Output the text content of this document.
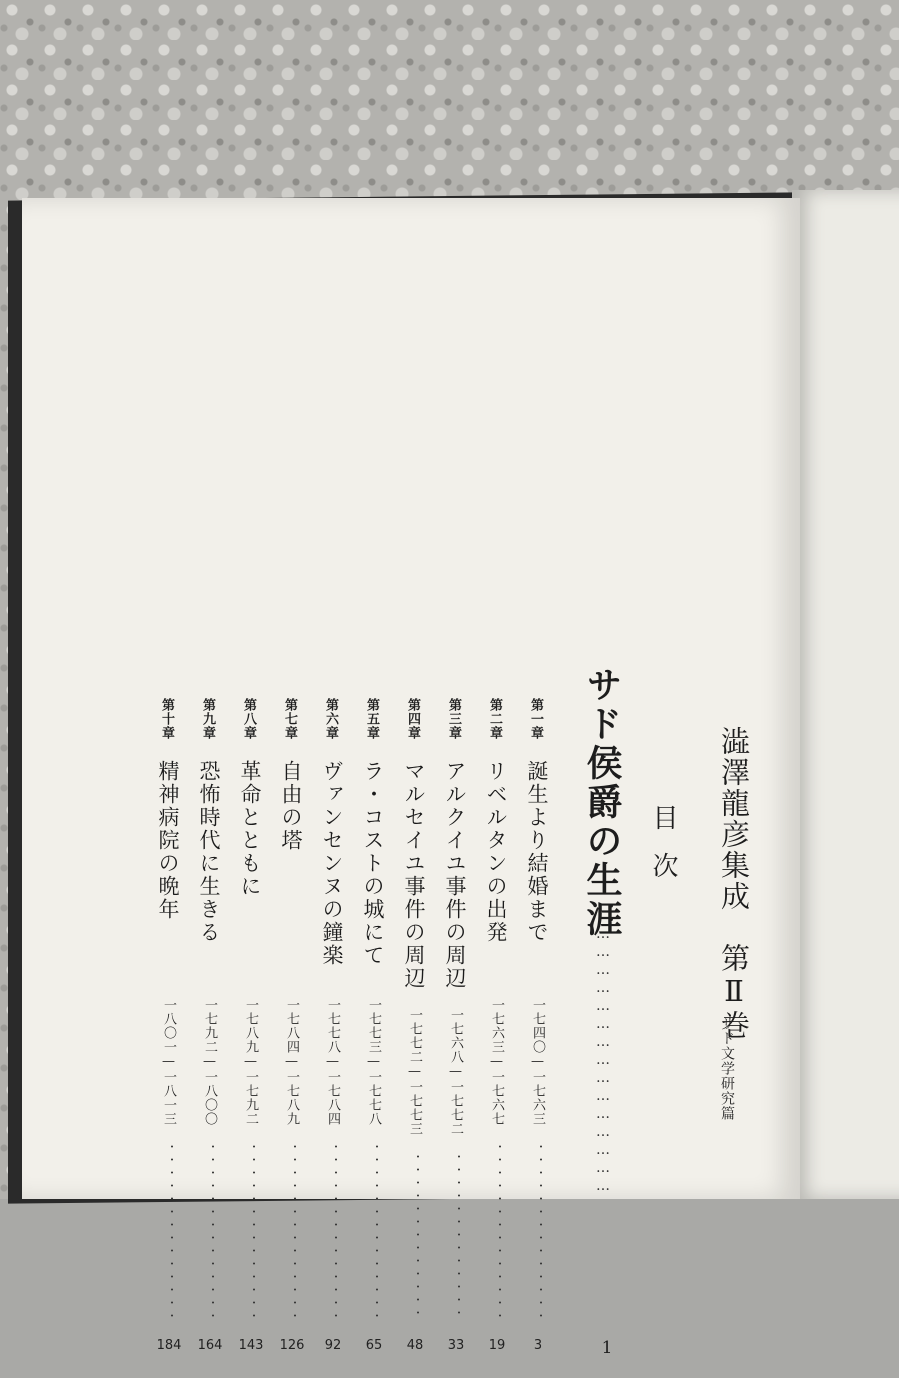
澁澤龍彦集成　第Ⅱ巻
サド文学研究篇
目次
サド侯爵の生涯
………………………………………
1
第一章
誕生より結婚まで
一七四〇—一七六三
・・・・・・・・・・・・・・
3
第二章
リベルタンの出発
一七六三—一七六七
・・・・・・・・・・・・・・
19
第三章
アルクイユ事件の周辺
一七六八—一七七二
・・・・・・・・・・・・・
33
第四章
マルセイユ事件の周辺
一七七二—一七七三
・・・・・・・・・・・・・
48
第五章
ラ・コストの城にて
一七七三—一七七八
・・・・・・・・・・・・・・
65
第六章
ヴァンセンヌの鐘楽
一七七八—一七八四
・・・・・・・・・・・・・・
92
第七章
自由の塔
一七八四—一七八九
・・・・・・・・・・・・・・
126
第八章
革命とともに
一七八九—一七九二
・・・・・・・・・・・・・・
143
第九章
恐怖時代に生きる
一七九二—一八〇〇
・・・・・・・・・・・・・・
164
第十章
精神病院の晩年
一八〇一—一八一三
・・・・・・・・・・・・・・
184
